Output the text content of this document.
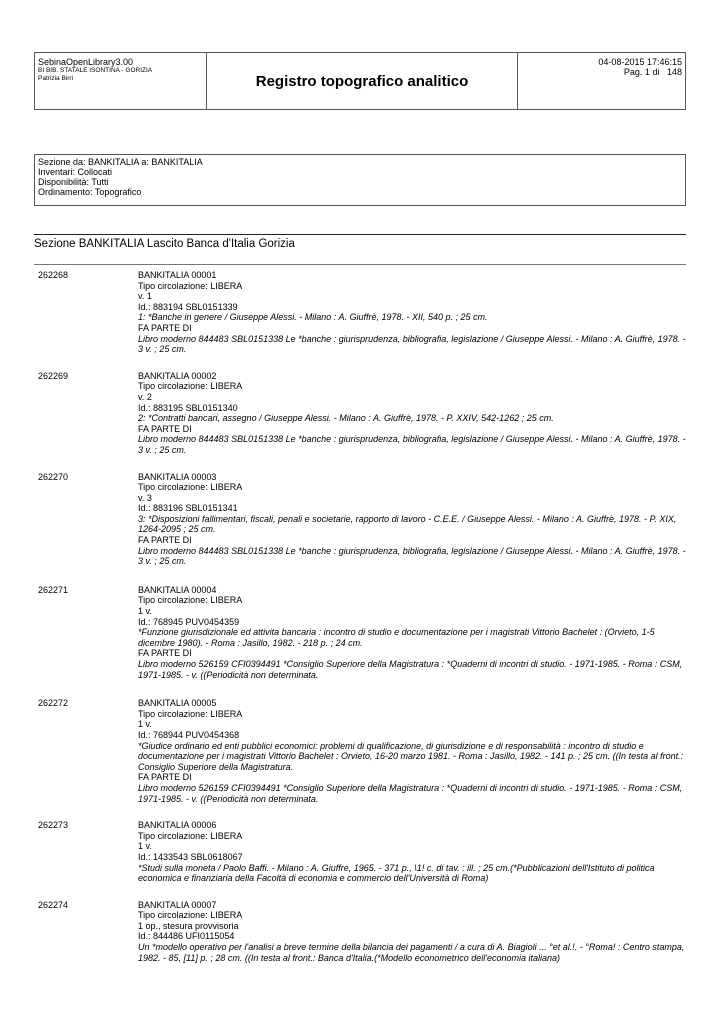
SebinaOpenLibrary3.00
BI BIB. STATALE ISONTINA - GORIZIA
Patrizia Birri	Registro topografico analitico
04-08-2015 17:46:15
Pag. 1 di 148
Sezione da: BANKITALIA a: BANKITALIA
Inventari: Collocati
Disponibilità: Tutti
Ordinamento: Topografico
Sezione BANKITALIA Lascito Banca d'Italia Gorizia
262268	BANKITALIA 00001
Tipo circolazione: LIBERA
v. 1
Id.: 883194 SBL0151339
1: *Banche in genere / Giuseppe Alessi. - Milano : A. Giuffrè, 1978. - XII, 540 p. ; 25 cm.
FA PARTE DI
Libro moderno 844483 SBL0151338 Le *banche : giurisprudenza, bibliografia, legislazione / Giuseppe Alessi. - Milano : A. Giuffrè, 1978. - 3 v. ; 25 cm.
262269	BANKITALIA 00002
Tipo circolazione: LIBERA
v. 2
Id.: 883195 SBL0151340
2: *Contratti bancari, assegno / Giuseppe Alessi. - Milano : A. Giuffrè, 1978. - P. XXIV, 542-1262 ; 25 cm.
FA PARTE DI
Libro moderno 844483 SBL0151338 Le *banche : giurisprudenza, bibliografia, legislazione / Giuseppe Alessi. - Milano : A. Giuffrè, 1978. - 3 v. ; 25 cm.
262270	BANKITALIA 00003
Tipo circolazione: LIBERA
v. 3
Id.: 883196 SBL0151341
3: *Disposizioni fallimentari, fiscali, penali e societarie, rapporto di lavoro - C.E.E. / Giuseppe Alessi. - Milano : A. Giuffrè, 1978. - P. XIX, 1264-2095 ; 25 cm.
FA PARTE DI
Libro moderno 844483 SBL0151338 Le *banche : giurisprudenza, bibliografia, legislazione / Giuseppe Alessi. - Milano : A. Giuffrè, 1978. - 3 v. ; 25 cm.
262271	BANKITALIA 00004
Tipo circolazione: LIBERA
1 v.
Id.: 768945 PUV0454359
*Funzione giurisdizionale ed attivita bancaria : incontro di studio e documentazione per i magistrati Vittorio Bachelet : (Orvieto, 1-5 dicembre 1980). - Roma : Jasillo, 1982. - 218 p. ; 24 cm.
FA PARTE DI
Libro moderno 526159 CFI0394491 *Consiglio Superiore della Magistratura : *Quaderni di incontri di studio. - 1971-1985. - Roma : CSM, 1971-1985. - v. ((Periodicità non determinata.
262272	BANKITALIA 00005
Tipo circolazione: LIBERA
1 v.
Id.: 768944 PUV0454368
*Giudice ordinario ed enti pubblici economici: problemi di qualificazione, di giurisdizione e di responsabilità : incontro di studio e documentazione per i magistrati Vittorio Bachelet : Orvieto, 16-20 marzo 1981. - Roma : Jasillo, 1982. - 141 p. ; 25 cm. ((In testa al front.: Consiglio Superiore della Magistratura.
FA PARTE DI
Libro moderno 526159 CFI0394491 *Consiglio Superiore della Magistratura : *Quaderni di incontri di studio. - 1971-1985. - Roma : CSM, 1971-1985. - v. ((Periodicità non determinata.
262273	BANKITALIA 00006
Tipo circolazione: LIBERA
1 v.
Id.: 1433543 SBL0618067
*Studi sulla moneta / Paolo Baffi. - Milano : A. Giuffre, 1965. - 371 p., \1! c. di tav. : ill. ; 25 cm.(*Pubblicazioni dell'Istituto di politica economica e finanziaria della Facoltà di economia e commercio dell'Università di Roma)
262274	BANKITALIA 00007
Tipo circolazione: LIBERA
1 op., stesura provvisoria
Id.: 844486 UFI0115054
Un *modello operativo per l'analisi a breve termine della bilancia dei pagamenti / a cura di A. Biagioli ... °et al.!. - °Roma! : Centro stampa, 1982. - 85, [11] p. ; 28 cm. ((In testa al front.: Banca d'Italia.(*Modello econometrico dell'economia italiana)
